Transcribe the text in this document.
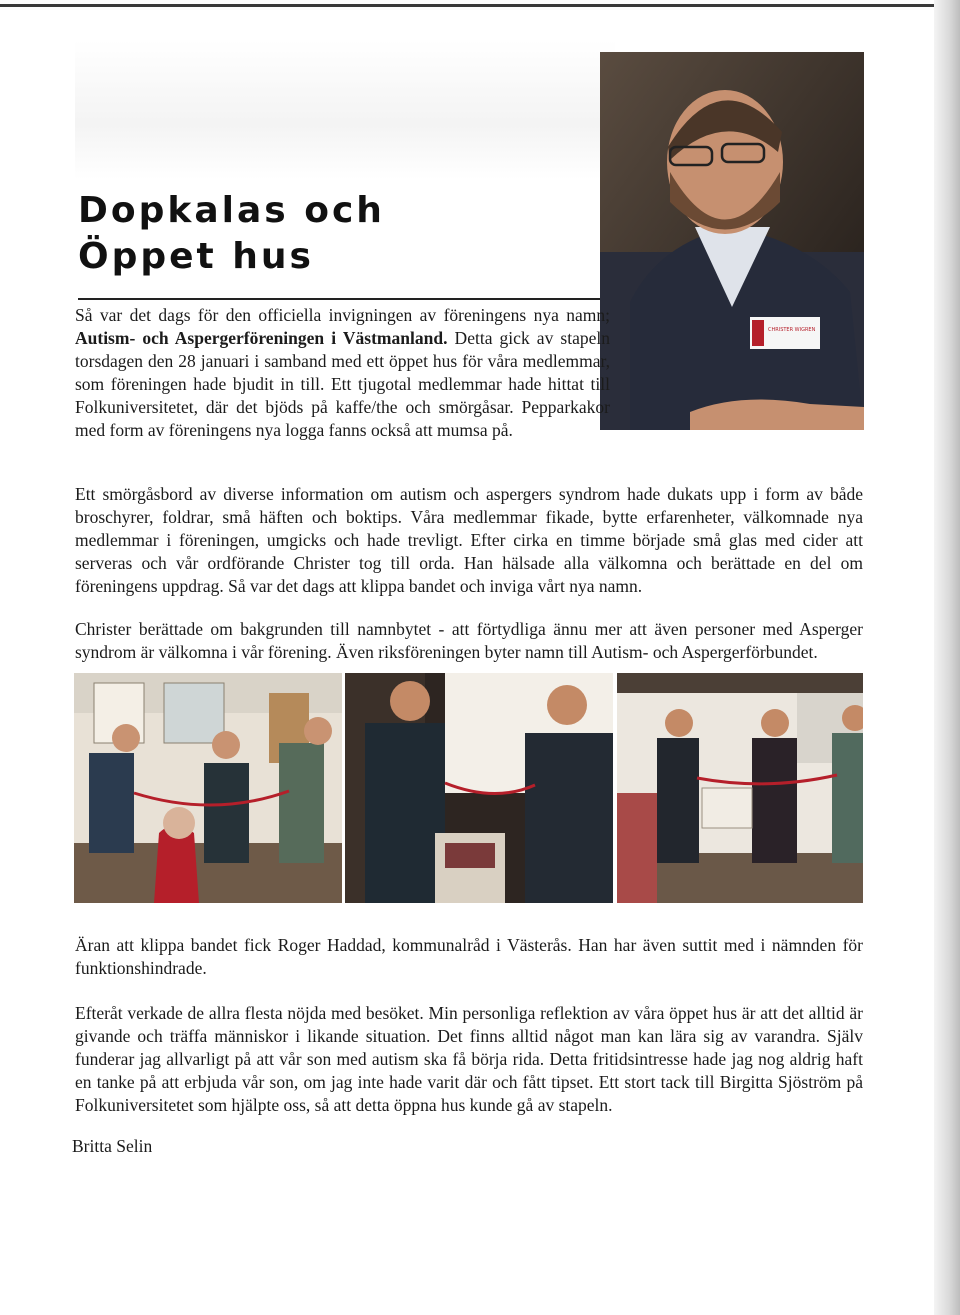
Dopkalas och
Öppet hus
CHRISTER WIGREN

Så var det dags för den officiella invigningen av föreningens nya namn; Autism- och Aspergerföreningen i Västmanland. Detta gick av stapeln torsdagen den 28 januari i samband med ett öppet hus för våra medlemmar, som föreningen hade bjudit in till. Ett tjugotal medlemmar hade hittat till Folkuniversitetet, där det bjöds på kaffe/the och smörgåsar. Pepparkakor med form av föreningens nya logga fanns också att mumsa på.

Ett smörgåsbord av diverse information om autism och aspergers syndrom hade dukats upp i form av både broschyrer, foldrar, små häften och boktips. Våra medlemmar fikade, bytte erfarenheter, välkomnade nya medlemmar i föreningen, umgicks och hade trevligt. Efter cirka en timme började små glas med cider att serveras och vår ordförande Christer tog till orda. Han hälsade alla välkomna och berättade en del om föreningens uppdrag. Så var det dags att klippa bandet och inviga vårt nya namn.

Christer berättade om bakgrunden till namnbytet - att förtydliga ännu mer att även personer med Asperger syndrom är välkomna i vår förening. Även riksföreningen byter namn till Autism- och Aspergerförbundet.

Äran att klippa bandet fick Roger Haddad, kommunalråd i Västerås. Han har även suttit med i nämnden för funktionshindrade.

Efteråt verkade de allra flesta nöjda med besöket. Min personliga reflektion av våra öppet hus är att det alltid är givande och träffa människor i likande situation. Det finns alltid något man kan lära sig av varandra. Själv funderar jag allvarligt på att vår son med autism ska få börja rida. Detta fritidsintresse hade jag nog aldrig haft en tanke på att erbjuda vår son, om jag inte hade varit där och fått tipset. Ett stort tack till Birgitta Sjöström på Folkuniversitetet som hjälpte oss, så att detta öppna hus kunde gå av stapeln.

Britta Selin
